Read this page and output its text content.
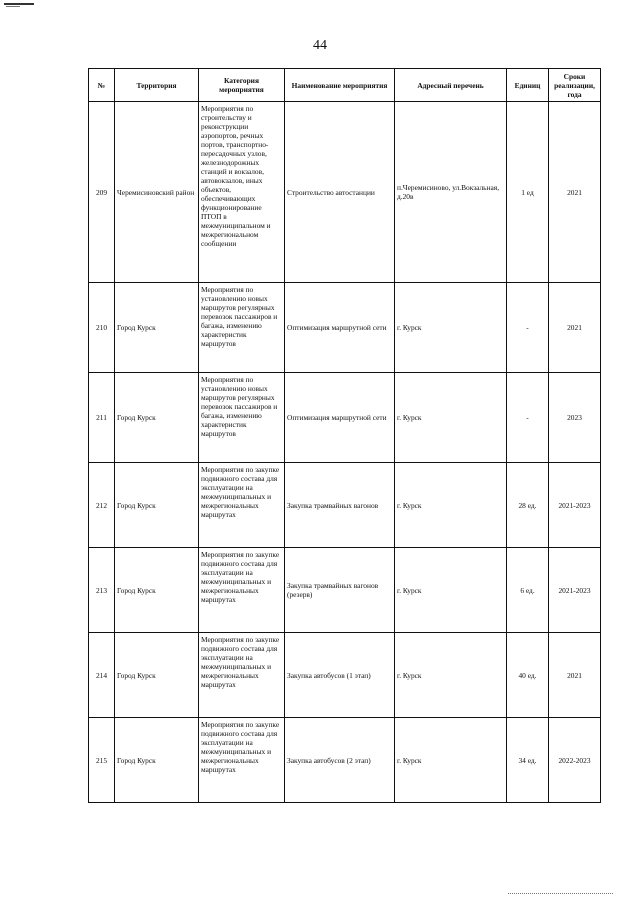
44
№	Территория	Категория мероприятия	Наименование мероприятия	Адресный перечень	Единиц	Сроки реализации, года
209	Черемисиновский район	Мероприятия по строительству и реконструкции аэропортов, речных портов, транспортно-пересадочных узлов, железнодорожных станций и вокзалов, автовокзалов, иных объектов, обеспечивающих функционирование ПТОП в межмуниципальном и межрегиональном сообщении	Строительство автостанции	п.Черемисиново, ул.Вокзальная, д.20в	1 ед	2021
210	Город Курск	Мероприятия по установлению новых маршрутов регулярных перевозок пассажиров и багажа, изменению характеристик маршрутов	Оптимизация маршрутной сети	г. Курск	-	2021
211	Город Курск	Мероприятия по установлению новых маршрутов регулярных перевозок пассажиров и багажа, изменению характеристик маршрутов	Оптимизация маршрутной сети	г. Курск	-	2023
212	Город Курск	Мероприятия по закупке подвижного состава для эксплуатации на межмуниципальных и межрегиональных маршрутах	Закупка трамвайных вагонов	г. Курск	28 ед.	2021-2023
213	Город Курск	Мероприятия по закупке подвижного состава для эксплуатации на межмуниципальных и межрегиональных маршрутах	Закупка трамвайных вагонов (резерв)	г. Курск	6 ед.	2021-2023
214	Город Курск	Мероприятия по закупке подвижного состава для эксплуатации на межмуниципальных и межрегиональных маршрутах	Закупка автобусов (1 этап)	г. Курск	40 ед.	2021
215	Город Курск	Мероприятия по закупке подвижного состава для эксплуатации на межмуниципальных и межрегиональных маршрутах	Закупка автобусов (2 этап)	г. Курск	34 ед.	2022-2023
